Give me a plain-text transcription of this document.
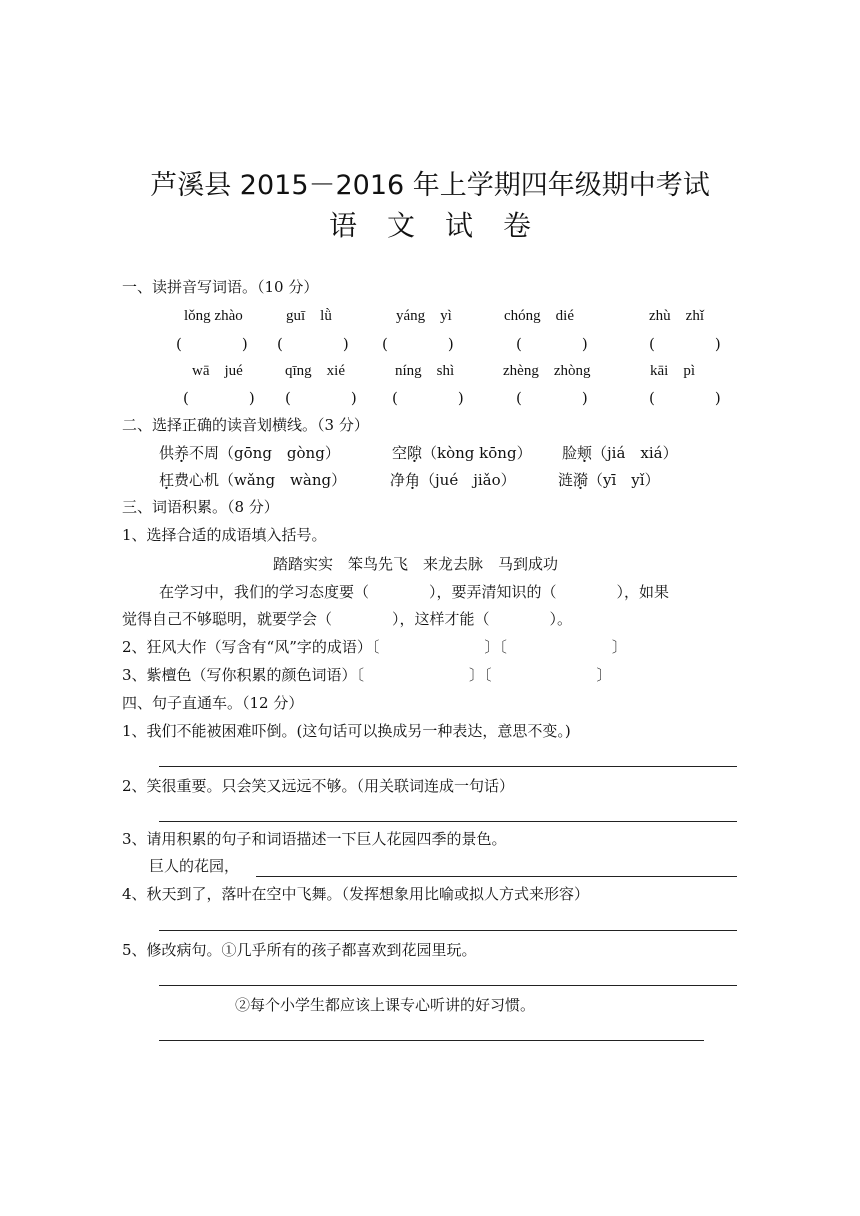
芦溪县 2015－2016 年上学期四年级期中考试
语文试卷
一、读拼音写词语。（10 分）
lǒng zhào	guī　lǜ	yáng　yì	chóng　dié	zhù　zhǐ
(　　　　) (　　　　) (　　　　)	(　　　　)	(　　　　)
wā　jué	qīng　xié	níng　shì	zhèng　zhòng	kāi　pì
(　　　　) (　　　　) (　　　　)	(　　　　)	(　　　　)
二、选择正确的读音划横线。（3 分）
供养不周（gōng　gòng）	空隙（kòng kōng） 脸颊（jiá　xiá）
枉费心机（wǎng　wàng）	净角（jué　jiǎo）	涟漪（yī　yǐ）
三、词语积累。（8 分）
1、选择合适的成语填入括号。
踏踏实实　笨鸟先飞　来龙去脉　马到成功
在学习中，我们的学习态度要（　　　　），要弄清知识的（　　　　），如果
觉得自己不够聪明，就要学会（　　　　），这样才能（　　　　）。
2、狂风大作（写含有“风”字的成语）〔　　　　　　　〕〔　　　　　　　〕
3、紫檀色（写你积累的颜色词语）〔　　　　　　　〕〔　　　　　　　〕
四、句子直通车。（12 分）
1、我们不能被困难吓倒。(这句话可以换成另一种表达，意思不变。)
2、笑很重要。只会笑又远远不够。（用关联词连成一句话）
3、请用积累的句子和词语描述一下巨人花园四季的景色。
巨人的花园，
4、秋天到了，落叶在空中飞舞。（发挥想象用比喻或拟人方式来形容）
5、修改病句。①几乎所有的孩子都喜欢到花园里玩。
②每个小学生都应该上课专心听讲的好习惯。
